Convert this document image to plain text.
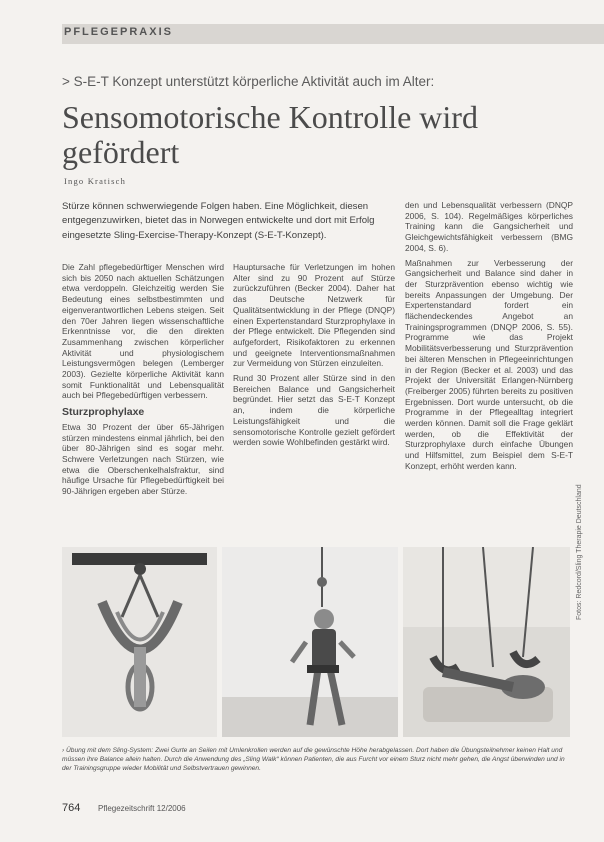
PFLEGEPRAXIS
> S-E-T Konzept unterstützt körperliche Aktivität auch im Alter:
Sensomotorische Kontrolle wird gefördert
Ingo Kratisch
Stürze können schwerwiegende Folgen haben. Eine Möglichkeit, diesen entgegenzuwirken, bietet das in Norwegen entwickelte und dort mit Erfolg eingesetzte Sling-Exercise-Therapy-Konzept (S-E-T-Konzept).
Die Zahl pflegebedürftiger Menschen wird sich bis 2050 nach aktuellen Schätzungen etwa verdoppeln. Gleichzeitig werden Sie Bedeutung eines selbstbestimmten und eigenverantwortlichen Lebens steigen. Seit den 70er Jahren liegen wissenschaftliche Erkenntnisse vor, die den direkten Zusammenhang zwischen körperlicher Aktivität und physiologischem Leistungsvermögen belegen (Lemberger 2003). Gezielte körperliche Aktivität kann somit Funktionalität und Lebensqualität auch bei Pflegebedürftigen verbessern.
Sturzprophylaxe
Etwa 30 Prozent der über 65-Jährigen stürzen mindestens einmal jährlich, bei den über 80-Jährigen sind es sogar mehr. Schwere Verletzungen nach Stürzen, wie etwa die Oberschenkelhalsfraktur, sind häufige Ursache für Pflegebedürftigkeit bei 90-Jährigen ergeben aber Stürze.
Hauptursache für Verletzungen im hohen Alter sind zu 90 Prozent auf Stürze zurückzuführen (Becker 2004). Daher hat das Deutsche Netzwerk für Qualitätsentwicklung in der Pflege (DNQP) einen Expertenstandard Sturzprophylaxe in der Pflege entwickelt. Die Pflegenden sind aufgefordert, Risikofaktoren zu erkennen und geeignete Interventionsmaßnahmen zur Vermeidung von Stürzen einzuleiten.
Rund 30 Prozent aller Stürze sind in den Bereichen Balance und Gangsicherheit begründet. Hier setzt das S-E-T Konzept an, indem die körperliche Leistungsfähigkeit und die sensomotorische Kontrolle gezielt gefördert werden sowie Wohlbefinden gestärkt wird.
den und Lebensqualität verbessern (DNQP 2006, S. 104). Regelmäßiges körperliches Training kann die Gangsicherheit und Gleichgewichtsfähigkeit verbessern (BMG 2004, S. 6).
Maßnahmen zur Verbesserung der Gangsicherheit und Balance sind daher in der Sturzprävention ebenso wichtig wie bereits Anpassungen der Umgebung. Der Expertenstandard fordert ein flächendeckendes Angebot an Trainingsprogrammen (DNQP 2006, S. 55). Programme wie das Projekt Mobilitätsverbesserung und Sturzprävention bei älteren Menschen in Pflegeeinrichtungen in der Region (Becker et al. 2003) und das Projekt der Universität Erlangen-Nürnberg (Freiberger 2005) führten bereits zu positiven Ergebnissen. Dort wurde untersucht, ob die Programme in der Pflegealltag integriert werden können. Damit soll die Frage geklärt werden, ob die Effektivität der Sturzprophylaxe durch einfache Übungen und Hilfsmittel, zum Beispiel dem S-E-T Konzept, erhöht werden kann.
Fotos: Redcord/Sling Therapie Deutschland
› Übung mit dem Sling-System: Zwei Gurte an Seilen mit Umlenkrollen werden auf die gewünschte Höhe herabgelassen. Dort haben die Übungsteilnehmer keinen Halt und müssen ihre Balance allein halten. Durch die Anwendung des „Sling Walk“ können Patienten, die aus Furcht vor einem Sturz nicht mehr gehen, die Angst überwinden und in der Trainingsgruppe wieder Mobilität und Selbstvertrauen gewinnen.
764 Pflegezeitschrift 12/2006
